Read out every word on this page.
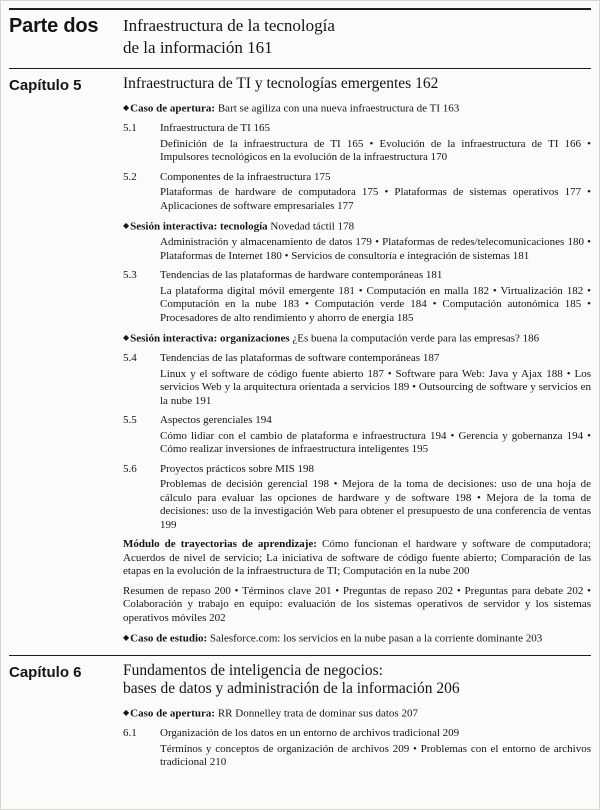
Parte dos	Infraestructura de la tecnología
de la información 161
Capítulo 5	Infraestructura de TI y tecnologías emergentes 162
◆Caso de apertura: Bart se agiliza con una nueva infraestructura de TI 163
5.1	Infraestructura de TI 165
Definición de la infraestructura de TI 165 • Evolución de la infraestructura de TI 166 • Impulsores tecnológicos en la evolución de la infraestructura 170
5.2	Componentes de la infraestructura 175
Plataformas de hardware de computadora 175 • Plataformas de sistemas operativos 177 • Aplicaciones de software empresariales 177
◆Sesión interactiva: tecnología Novedad táctil 178
Administración y almacenamiento de datos 179 • Plataformas de redes/telecomunicaciones 180 • Plataformas de Internet 180 • Servicios de consultoría e integración de sistemas 181
5.3	Tendencias de las plataformas de hardware contemporáneas 181
La plataforma digital móvil emergente 181 • Computación en malla 182 • Virtualización 182 • Computación en la nube 183 • Computación verde 184 • Computación autonómica 185 • Procesadores de alto rendimiento y ahorro de energía 185
◆Sesión interactiva: organizaciones ¿Es buena la computación verde para las empresas? 186
5.4	Tendencias de las plataformas de software contemporáneas 187
Linux y el software de código fuente abierto 187 • Software para Web: Java y Ajax 188 • Los servicios Web y la arquitectura orientada a servicios 189 • Outsourcing de software y servicios en la nube 191
5.5	Aspectos gerenciales 194
Cómo lidiar con el cambio de plataforma e infraestructura 194 • Gerencia y gobernanza 194 • Cómo realizar inversiones de infraestructura inteligentes 195
5.6	Proyectos prácticos sobre MIS 198
Problemas de decisión gerencial 198 • Mejora de la toma de decisiones: uso de una hoja de cálculo para evaluar las opciones de hardware y de software 198 • Mejora de la toma de decisiones: uso de la investigación Web para obtener el presupuesto de una conferencia de ventas 199

Módulo de trayectorias de aprendizaje: Cómo funcionan el hardware y software de computadora; Acuerdos de nivel de servicio; La iniciativa de software de código fuente abierto; Comparación de las etapas en la evolución de la infraestructura de TI; Computación en la nube 200

Resumen de repaso 200 • Términos clave 201 • Preguntas de repaso 202 • Preguntas para debate 202 • Colaboración y trabajo en equipo: evaluación de los sistemas operativos de servidor y los sistemas operativos móviles 202

◆Caso de estudio: Salesforce.com: los servicios en la nube pasan a la corriente dominante 203
Capítulo 6	Fundamentos de inteligencia de negocios:
bases de datos y administración de la información 206
◆Caso de apertura: RR Donnelley trata de dominar sus datos 207
6.1	Organización de los datos en un entorno de archivos tradicional 209
Términos y conceptos de organización de archivos 209 • Problemas con el entorno de archivos tradicional 210
